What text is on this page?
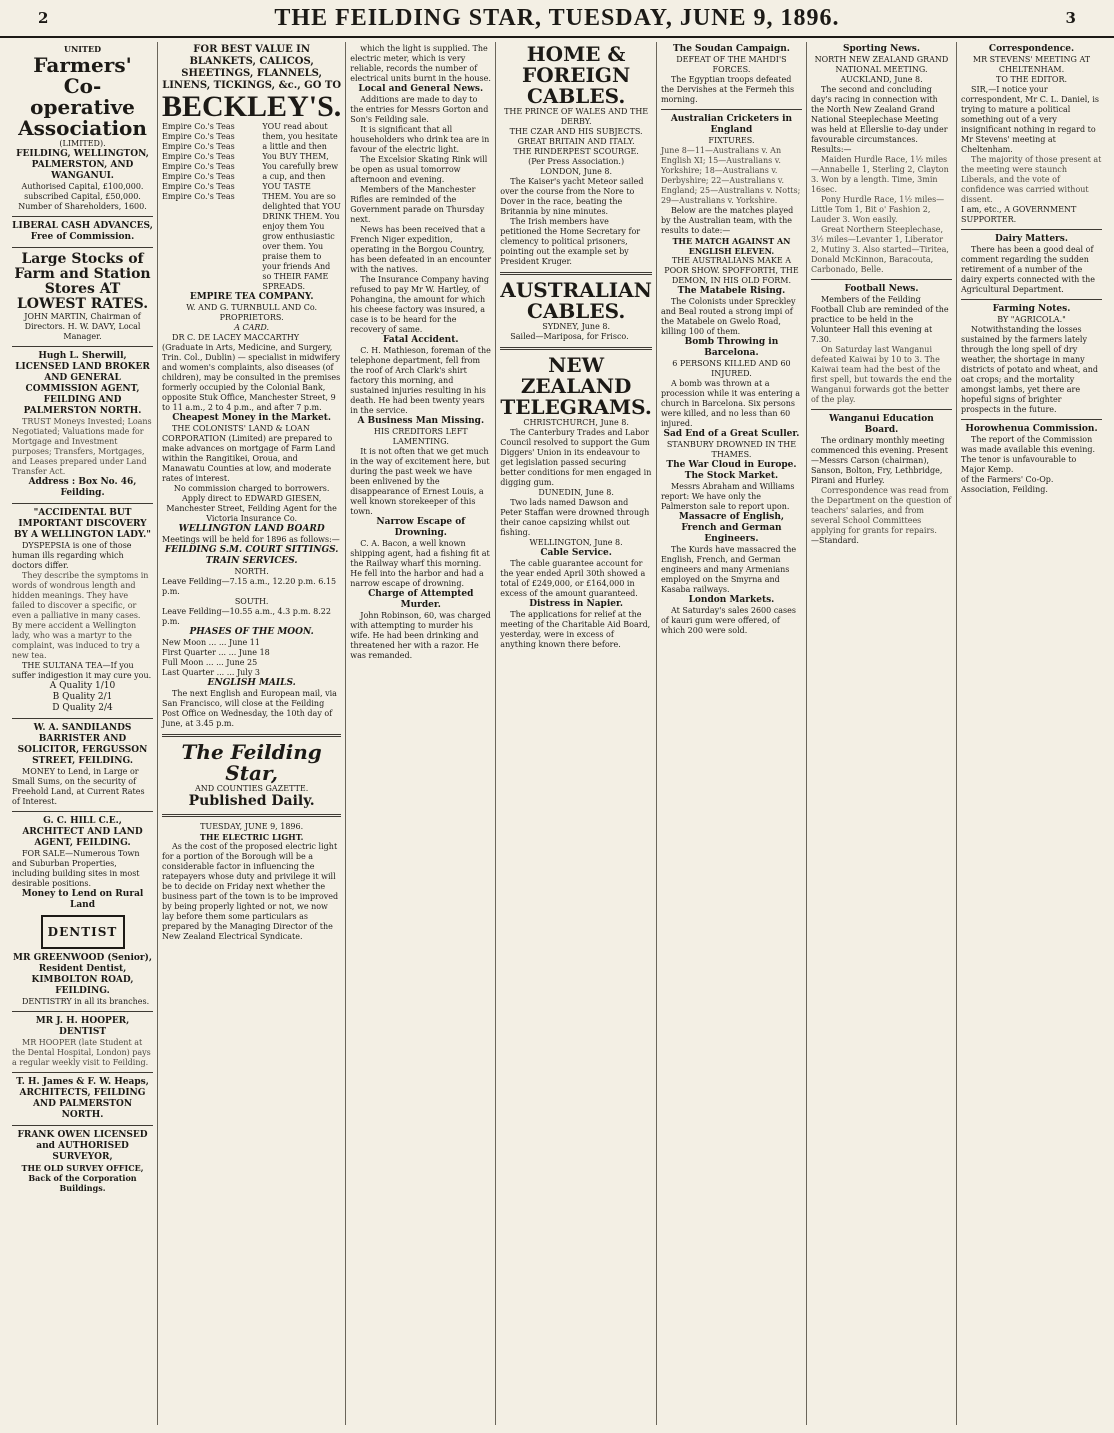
2	THE FEILDING STAR, TUESDAY, JUNE 9, 1896.	3
UNITED
Farmers' Co-operative Association
(LIMITED).
FEILDING, WELLINGTON, PALMERSTON, AND WANGANUI.
Authorised Capital, £100,000. subscribed Capital, £50,000. Number of Shareholders, 1600.
LIBERAL CASH ADVANCES, Free of Commission.
Large Stocks of Farm and Station Stores AT LOWEST RATES.
JOHN MARTIN, Chairman of Directors. H. W. DAVY, Local Manager.
Hugh L. Sherwill, LICENSED LAND BROKER AND GENERAL COMMISSION AGENT, FEILDING AND PALMERSTON NORTH.
TRUST Moneys Invested; Loans Negotiated; Valuations made for Mortgage and Investment purposes; Transfers, Mortgages, and Leases prepared under Land Transfer Act.
Address : Box No. 46, Feilding.
"ACCIDENTAL BUT IMPORTANT DISCOVERY BY A WELLINGTON LADY."
DYSPEPSIA is one of those human ills regarding which doctors differ.
They describe the symptoms in words of wondrous length and hidden meanings. They have failed to discover a specific, or even a palliative in many cases. By mere accident a Wellington lady, who was a martyr to the complaint, was induced to try a new tea.
THE SULTANA TEA—If you suffer indigestion it may cure you.
A Quality 1/10
B Quality 2/1
D Quality 2/4
W. A. SANDILANDS BARRISTER AND SOLICITOR, FERGUSSON STREET, FEILDING.
MONEY to Lend, in Large or Small Sums, on the security of Freehold Land, at Current Rates of Interest.
G. C. HILL C.E., ARCHITECT AND LAND AGENT, FEILDING.
FOR SALE—Numerous Town and Suburban Properties, including building sites in most desirable positions.
Money to Lend on Rural Land
DENTIST
MR GREENWOOD (Senior), Resident Dentist, KIMBOLTON ROAD, FEILDING.
DENTISTRY in all its branches.
MR J. H. HOOPER, DENTIST
MR HOOPER (late Student at the Dental Hospital, London) pays a regular weekly visit to Feilding.
T. H. James & F. W. Heaps, ARCHITECTS, FEILDING AND PALMERSTON NORTH.
FRANK OWEN LICENSED and AUTHORISED SURVEYOR,
THE OLD SURVEY OFFICE, Back of the Corporation Buildings.
FOR BEST VALUE IN BLANKETS, CALICOS, SHEETINGS, FLANNELS, LINENS, TICKINGS, &c., GO TO
BECKLEY'S.
Empire Co.'s Teas
Empire Co.'s Teas
Empire Co.'s Teas
Empire Co.'s Teas
Empire Co.'s Teas
Empire Co.'s Teas
Empire Co.'s Teas
Empire Co.'s Teas
YOU read about them, you hesitate a little and then You BUY THEM, You carefully brew a cup, and then YOU TASTE THEM. You are so delighted that YOU DRINK THEM. You enjoy them You grow enthusiastic over them. You praise them to your friends And so THEIR FAME SPREADS.
EMPIRE TEA COMPANY.
W. AND G. TURNBULL AND Co. PROPRIETORS.
A CARD.
DR C. DE LACEY MACCARTHY (Graduate in Arts, Medicine, and Surgery, Trin. Col., Dublin) — specialist in midwifery and women's complaints, also diseases (of children), may be consulted in the premises formerly occupied by the Colonial Bank, opposite Stuk Office, Manchester Street, 9 to 11 a.m., 2 to 4 p.m., and after 7 p.m.
Cheapest Money in the Market.
THE COLONISTS' LAND & LOAN CORPORATION (Limited) are prepared to make advances on mortgage of Farm Land within the Rangitikei, Oroua, and Manawatu Counties at low, and moderate rates of interest.
No commission charged to borrowers.
Apply direct to EDWARD GIESEN, Manchester Street, Feilding Agent for the Victoria Insurance Co.
WELLINGTON LAND BOARD
Meetings will be held for 1896 as follows:—
FEILDING S.M. COURT SITTINGS.
TRAIN SERVICES.
NORTH.
Leave Feilding—7.15 a.m., 12.20 p.m. 6.15 p.m.
SOUTH.
Leave Feilding—10.55 a.m., 4.3 p.m. 8.22 p.m.
PHASES OF THE MOON.
New Moon ... ... June 11
First Quarter ... ... June 18
Full Moon ... ... June 25
Last Quarter ... ... July 3
ENGLISH MAILS.
The next English and European mail, via San Francisco, will close at the Feilding Post Office on Wednesday, the 10th day of June, at 3.45 p.m.
The Feilding Star,
AND COUNTIES GAZETTE.
Published Daily.
TUESDAY, JUNE 9, 1896.
THE ELECTRIC LIGHT.
As the cost of the proposed electric light for a portion of the Borough will be a considerable factor in influencing the ratepayers whose duty and privilege it will be to decide on Friday next whether the business part of the town is to be improved by being properly lighted or not, we now lay before them some particulars as prepared by the Managing Director of the New Zealand Electrical Syndicate.
which the light is supplied. The electric meter, which is very reliable, records the number of electrical units burnt in the house.
Local and General News.
Additions are made to day to the entries for Messrs Gorton and Son's Feilding sale.
It is significant that all householders who drink tea are in favour of the electric light.
The Excelsior Skating Rink will be open as usual tomorrow afternoon and evening.
Members of the Manchester Rifles are reminded of the Government parade on Thursday next.
News has been received that a French Niger expedition, operating in the Borgou Country, has been defeated in an encounter with the natives.
The Insurance Company having refused to pay Mr W. Hartley, of Pohangina, the amount for which his cheese factory was insured, a case is to be heard for the recovery of same.
Fatal Accident.
C. H. Mathieson, foreman of the telephone department, fell from the roof of Arch Clark's shirt factory this morning, and sustained injuries resulting in his death. He had been twenty years in the service.
A Business Man Missing.
HIS CREDITORS LEFT LAMENTING.
It is not often that we get much in the way of excitement here, but during the past week we have been enlivened by the disappearance of Ernest Louis, a well known storekeeper of this town.
Narrow Escape of Drowning.
C. A. Bacon, a well known shipping agent, had a fishing fit at the Railway wharf this morning. He fell into the harbor and had a narrow escape of drowning.
Charge of Attempted Murder.
John Robinson, 60, was charged with attempting to murder his wife. He had been drinking and threatened her with a razor. He was remanded.
HOME & FOREIGN CABLES.
THE PRINCE OF WALES AND THE DERBY.
THE CZAR AND HIS SUBJECTS.
GREAT BRITAIN AND ITALY.
THE RINDERPEST SCOURGE.
(Per Press Association.)
LONDON, June 8.
The Kaiser's yacht Meteor sailed over the course from the Nore to Dover in the race, beating the Britannia by nine minutes.
The Irish members have petitioned the Home Secretary for clemency to political prisoners, pointing out the example set by President Kruger.
AUSTRALIAN CABLES.
SYDNEY, June 8.
Sailed—Mariposa, for Frisco.
NEW ZEALAND TELEGRAMS.
CHRISTCHURCH, June 8.
The Canterbury Trades and Labor Council resolved to support the Gum Diggers' Union in its endeavour to get legislation passed securing better conditions for men engaged in digging gum.
DUNEDIN, June 8.
Two lads named Dawson and Peter Staffan were drowned through their canoe capsizing whilst out fishing.
WELLINGTON, June 8.
Cable Service.
The cable guarantee account for the year ended April 30th showed a total of £249,000, or £164,000 in excess of the amount guaranteed.
Distress in Napier.
The applications for relief at the meeting of the Charitable Aid Board, yesterday, were in excess of anything known there before.
The Soudan Campaign.
DEFEAT OF THE MAHDI'S FORCES.
The Egyptian troops defeated the Dervishes at the Fermeh this morning.
Australian Cricketers in England
FIXTURES.
June 8—11—Australians v. An English XI; 15—Australians v. Yorkshire; 18—Australians v. Derbyshire; 22—Australians v. England; 25—Australians v. Notts; 29—Australians v. Yorkshire.
Below are the matches played by the Australian team, with the results to date:—
THE MATCH AGAINST AN ENGLISH ELEVEN.
THE AUSTRALIANS MAKE A POOR SHOW. SPOFFORTH, THE DEMON, IN HIS OLD FORM.
The Matabele Rising.
The Colonists under Spreckley and Beal routed a strong impi of the Matabele on Gwelo Road, killing 100 of them.
Bomb Throwing in Barcelona.
6 PERSONS KILLED AND 60 INJURED.
A bomb was thrown at a procession while it was entering a church in Barcelona. Six persons were killed, and no less than 60 injured.
Sad End of a Great Sculler.
STANBURY DROWNED IN THE THAMES.
The War Cloud in Europe.
The Stock Market.
Messrs Abraham and Williams report: We have only the Palmerston sale to report upon.
Massacre of English, French and German Engineers.
The Kurds have massacred the English, French, and German engineers and many Armenians employed on the Smyrna and Kasaba railways.
London Markets.
At Saturday's sales 2600 cases of kauri gum were offered, of which 200 were sold.
Sporting News.
NORTH NEW ZEALAND GRAND NATIONAL MEETING.
AUCKLAND, June 8.
The second and concluding day's racing in connection with the North New Zealand Grand National Steeplechase Meeting was held at Ellerslie to-day under favourable circumstances. Results:—
Maiden Hurdle Race, 1½ miles—Annabelle 1, Sterling 2, Clayton 3. Won by a length. Time, 3min 16sec.
Pony Hurdle Race, 1½ miles—Little Tom 1, Bit o' Fashion 2, Lauder 3. Won easily.
Great Northern Steeplechase, 3½ miles—Levanter 1, Liberator 2, Mutiny 3. Also started—Tiritea, Donald McKinnon, Baracouta, Carbonado, Belle.
Football News.
Members of the Feilding Football Club are reminded of the practice to be held in the Volunteer Hall this evening at 7.30.
On Saturday last Wanganui defeated Kaiwai by 10 to 3. The Kaiwai team had the best of the first spell, but towards the end the Wanganui forwards got the better of the play.
Wanganui Education Board.
The ordinary monthly meeting commenced this evening. Present—Messrs Carson (chairman), Sanson, Bolton, Fry, Lethbridge, Pirani and Hurley.
Correspondence was read from the Department on the question of teachers' salaries, and from several School Committees applying for grants for repairs.
—Standard.
Correspondence.
MR STEVENS' MEETING AT CHELTENHAM.
TO THE EDITOR.
SIR,—I notice your correspondent, Mr C. L. Daniel, is trying to mature a political something out of a very insignificant nothing in regard to Mr Stevens' meeting at Cheltenham.
The majority of those present at the meeting were staunch Liberals, and the vote of confidence was carried without dissent.
I am, etc., A GOVERNMENT SUPPORTER.
Dairy Matters.
There has been a good deal of comment regarding the sudden retirement of a number of the dairy experts connected with the Agricultural Department.
Farming Notes.
BY "AGRICOLA."
Notwithstanding the losses sustained by the farmers lately through the long spell of dry weather, the shortage in many districts of potato and wheat, and oat crops; and the mortality amongst lambs, yet there are hopeful signs of brighter prospects in the future.
Horowhenua Commission.
The report of the Commission was made available this evening. The tenor is unfavourable to Major Kemp.
of the Farmers' Co-Op. Association, Feilding.
